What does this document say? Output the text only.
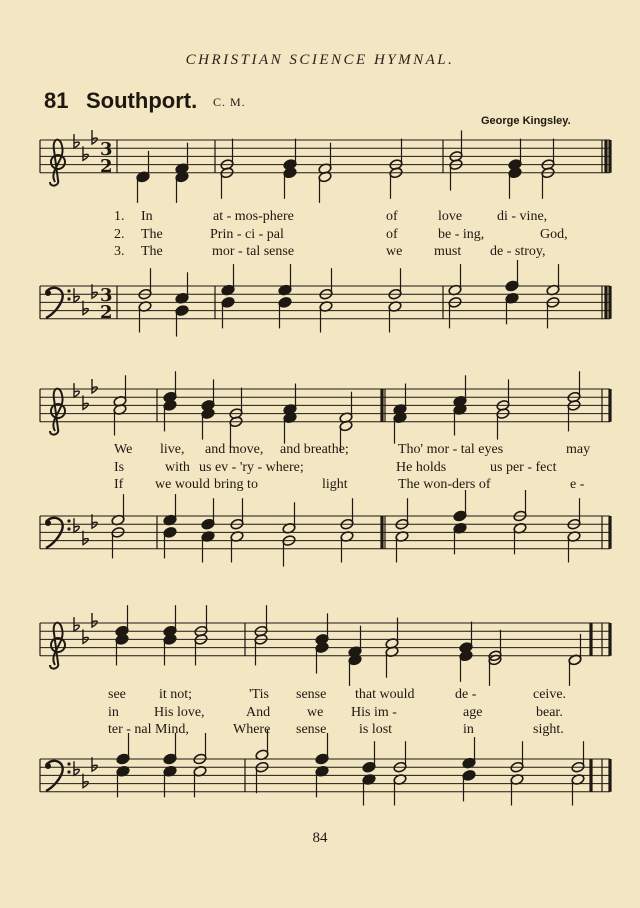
CHRISTIAN SCIENCE HYMNAL.
81 Southport. C. M.
George Kingsley.
3
2
3
2
1. In	at - mos-phere	of	love di - vine,
2. The	Prin - ci - pal	of	be - ing,	God,
3. The	mor - tal sense	we must de - stroy,
We live, and move, and breathe;	Tho' mor - tal eyes	may
Is	with us ev - 'ry - where;	He holds	us per - fect
If we would bring to	light	The won-ders of	e -
see it not;	'Tis sense that would	de -	ceive.
in	His love,	And	we His im -	age	bear.
ter - nal Mind,	Where sense is lost	in	sight.
84
